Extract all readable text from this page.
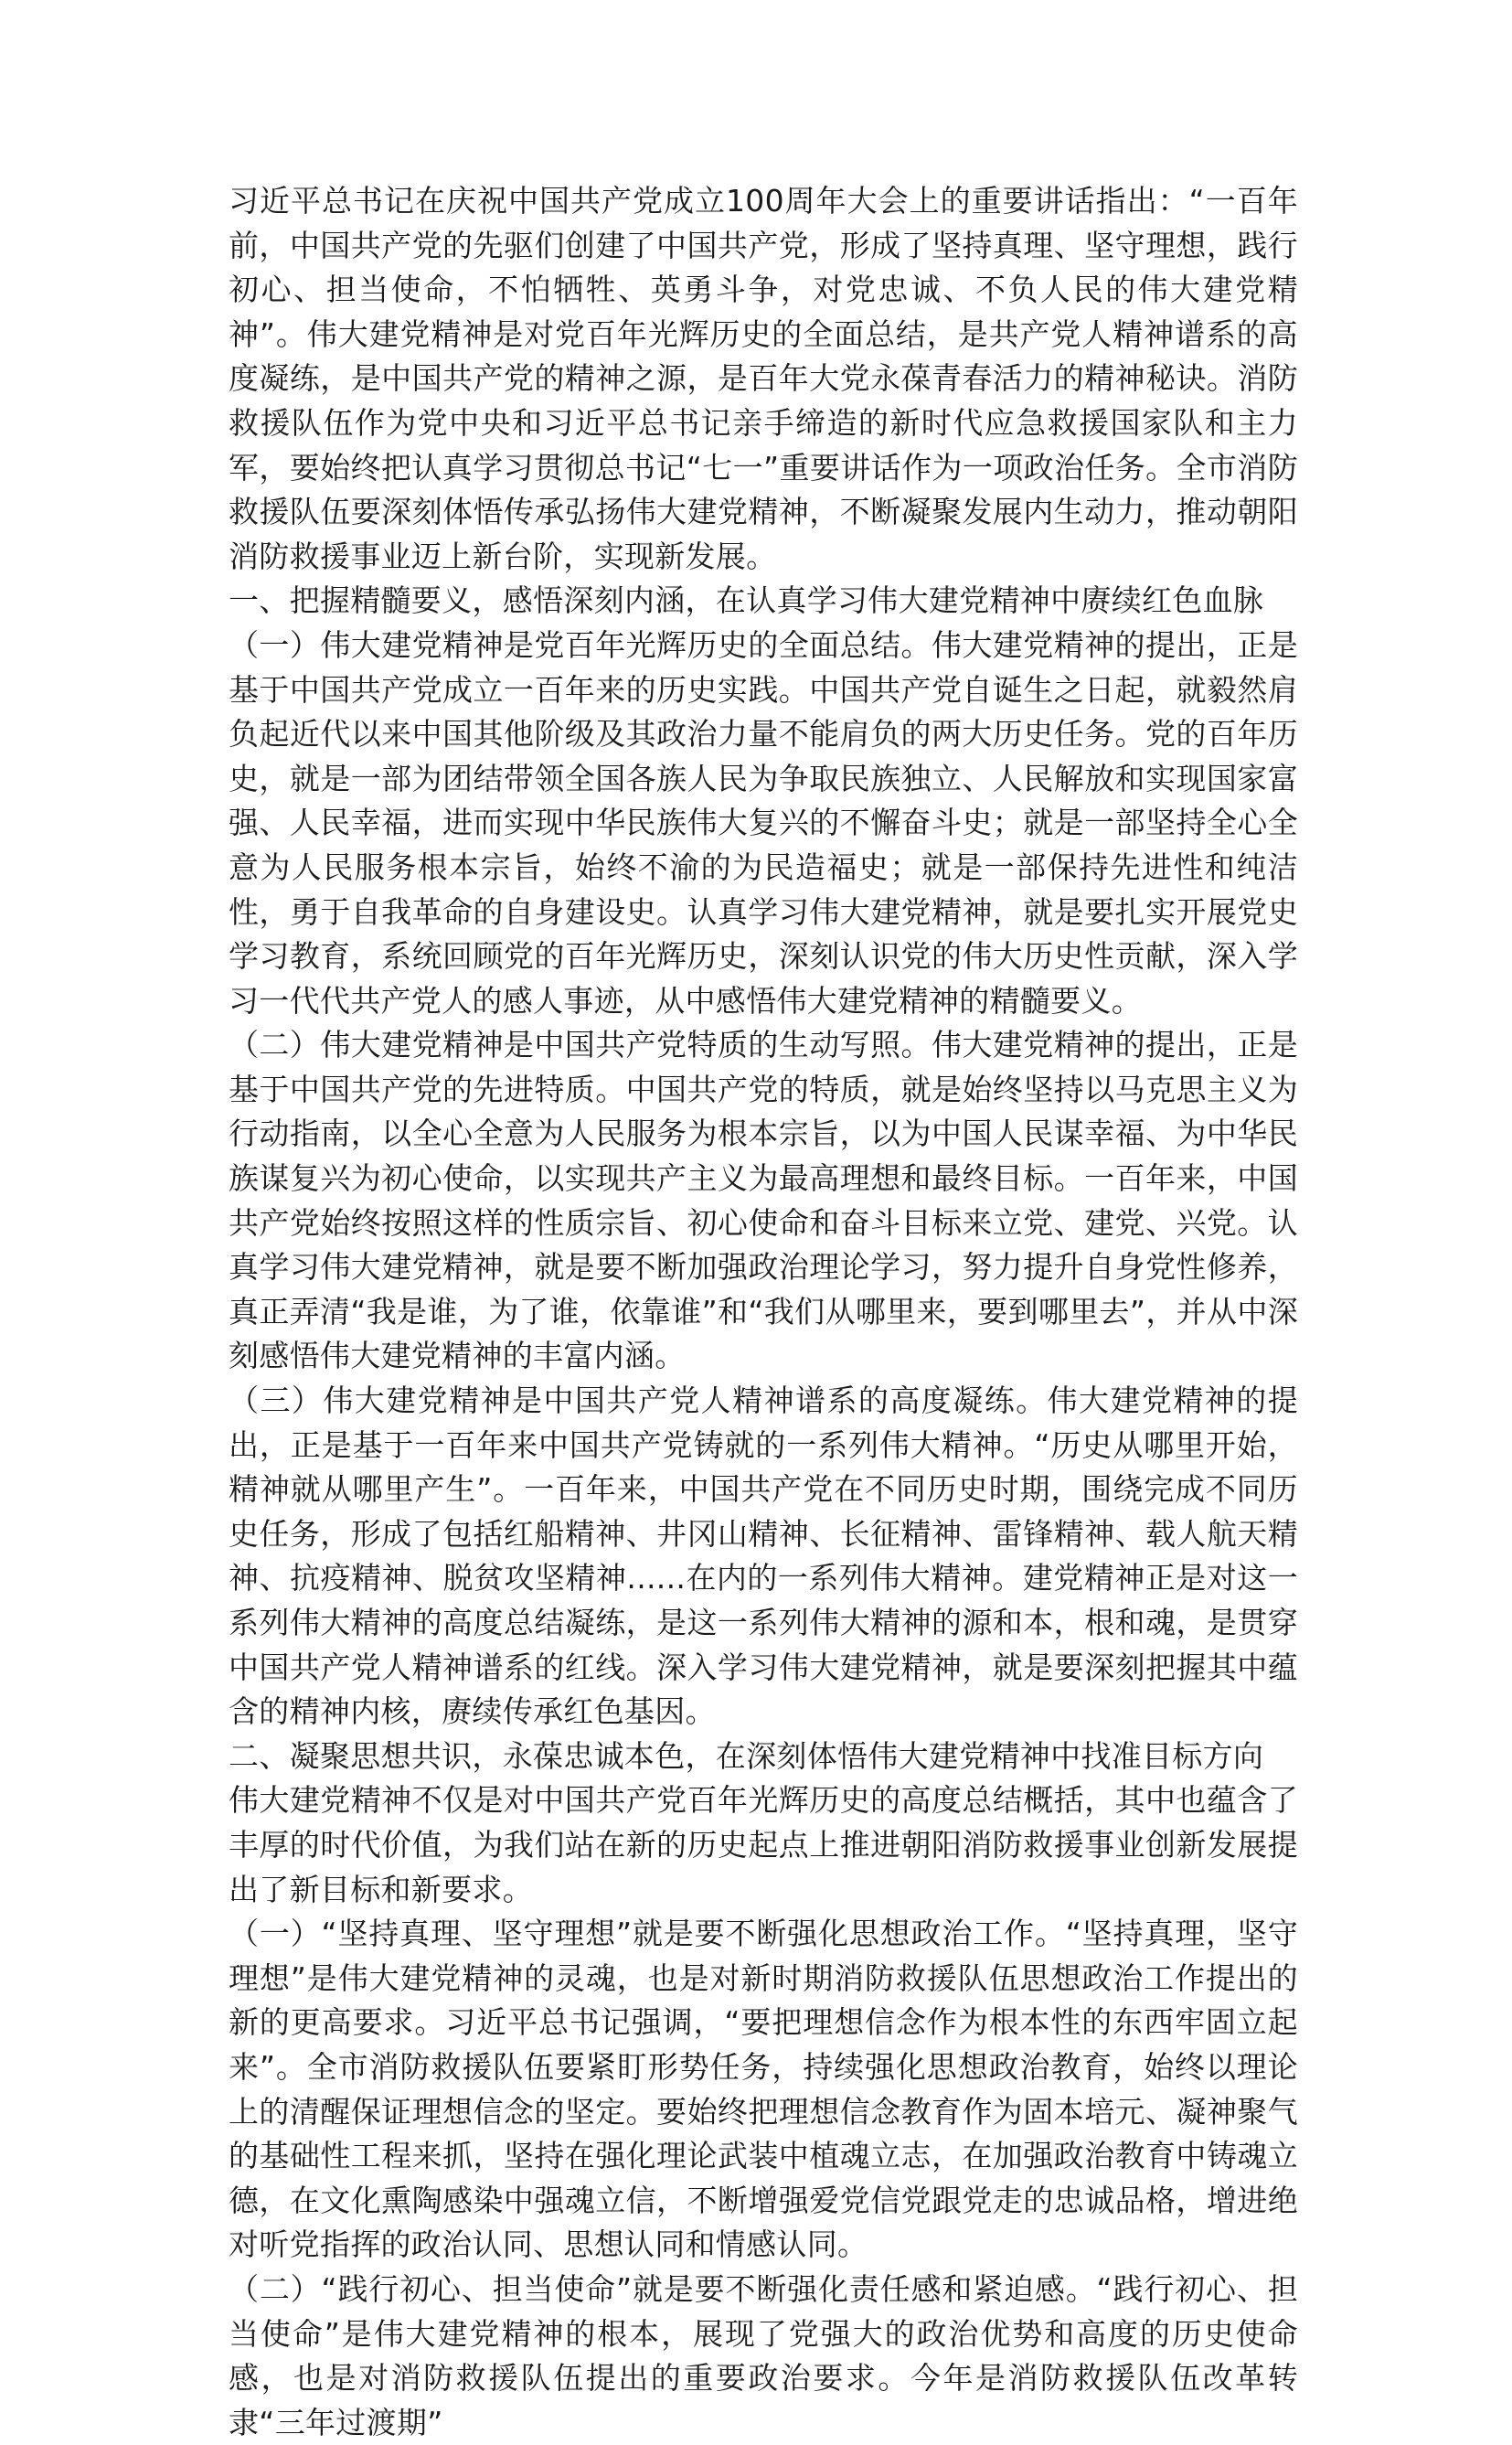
习近平总书记在庆祝中国共产党成立100周年大会上的重要讲话指出：“一百年前，中国共产党的先驱们创建了中国共产党，形成了坚持真理、坚守理想，践行初心、担当使命，不怕牺牲、英勇斗争，对党忠诚、不负人民的伟大建党精神”。伟大建党精神是对党百年光辉历史的全面总结，是共产党人精神谱系的高度凝练，是中国共产党的精神之源，是百年大党永葆青春活力的精神秘诀。消防救援队伍作为党中央和习近平总书记亲手缔造的新时代应急救援国家队和主力军，要始终把认真学习贯彻总书记“七一”重要讲话作为一项政治任务。全市消防救援队伍要深刻体悟传承弘扬伟大建党精神，不断凝聚发展内生动力，推动朝阳消防救援事业迈上新台阶，实现新发展。

一、把握精髓要义，感悟深刻内涵，在认真学习伟大建党精神中赓续红色血脉

（一）伟大建党精神是党百年光辉历史的全面总结。伟大建党精神的提出，正是基于中国共产党成立一百年来的历史实践。中国共产党自诞生之日起，就毅然肩负起近代以来中国其他阶级及其政治力量不能肩负的两大历史任务。党的百年历史，就是一部为团结带领全国各族人民为争取民族独立、人民解放和实现国家富强、人民幸福，进而实现中华民族伟大复兴的不懈奋斗史；就是一部坚持全心全意为人民服务根本宗旨，始终不渝的为民造福史；就是一部保持先进性和纯洁性，勇于自我革命的自身建设史。认真学习伟大建党精神，就是要扎实开展党史学习教育，系统回顾党的百年光辉历史，深刻认识党的伟大历史性贡献，深入学习一代代共产党人的感人事迹，从中感悟伟大建党精神的精髓要义。

（二）伟大建党精神是中国共产党特质的生动写照。伟大建党精神的提出，正是基于中国共产党的先进特质。中国共产党的特质，就是始终坚持以马克思主义为行动指南，以全心全意为人民服务为根本宗旨，以为中国人民谋幸福、为中华民族谋复兴为初心使命，以实现共产主义为最高理想和最终目标。一百年来，中国共产党始终按照这样的性质宗旨、初心使命和奋斗目标来立党、建党、兴党。认真学习伟大建党精神，就是要不断加强政治理论学习，努力提升自身党性修养，真正弄清“我是谁，为了谁，依靠谁”和“我们从哪里来，要到哪里去”，并从中深刻感悟伟大建党精神的丰富内涵。

（三）伟大建党精神是中国共产党人精神谱系的高度凝练。伟大建党精神的提出，正是基于一百年来中国共产党铸就的一系列伟大精神。“历史从哪里开始，精神就从哪里产生”。一百年来，中国共产党在不同历史时期，围绕完成不同历史任务，形成了包括红船精神、井冈山精神、长征精神、雷锋精神、载人航天精神、抗疫精神、脱贫攻坚精神......在内的一系列伟大精神。建党精神正是对这一系列伟大精神的高度总结凝练，是这一系列伟大精神的源和本，根和魂，是贯穿中国共产党人精神谱系的红线。深入学习伟大建党精神，就是要深刻把握其中蕴含的精神内核，赓续传承红色基因。

二、凝聚思想共识，永葆忠诚本色，在深刻体悟伟大建党精神中找准目标方向

伟大建党精神不仅是对中国共产党百年光辉历史的高度总结概括，其中也蕴含了丰厚的时代价值，为我们站在新的历史起点上推进朝阳消防救援事业创新发展提出了新目标和新要求。

（一）“坚持真理、坚守理想”就是要不断强化思想政治工作。“坚持真理，坚守理想”是伟大建党精神的灵魂，也是对新时期消防救援队伍思想政治工作提出的新的更高要求。习近平总书记强调，“要把理想信念作为根本性的东西牢固立起来”。全市消防救援队伍要紧盯形势任务，持续强化思想政治教育，始终以理论上的清醒保证理想信念的坚定。要始终把理想信念教育作为固本培元、凝神聚气的基础性工程来抓，坚持在强化理论武装中植魂立志，在加强政治教育中铸魂立德，在文化熏陶感染中强魂立信，不断增强爱党信党跟党走的忠诚品格，增进绝对听党指挥的政治认同、思想认同和情感认同。

（二）“践行初心、担当使命”就是要不断强化责任感和紧迫感。“践行初心、担当使命”是伟大建党精神的根本，展现了党强大的政治优势和高度的历史使命感，也是对消防救援队伍提出的重要政治要求。今年是消防救援队伍改革转隶“三年过渡期”
